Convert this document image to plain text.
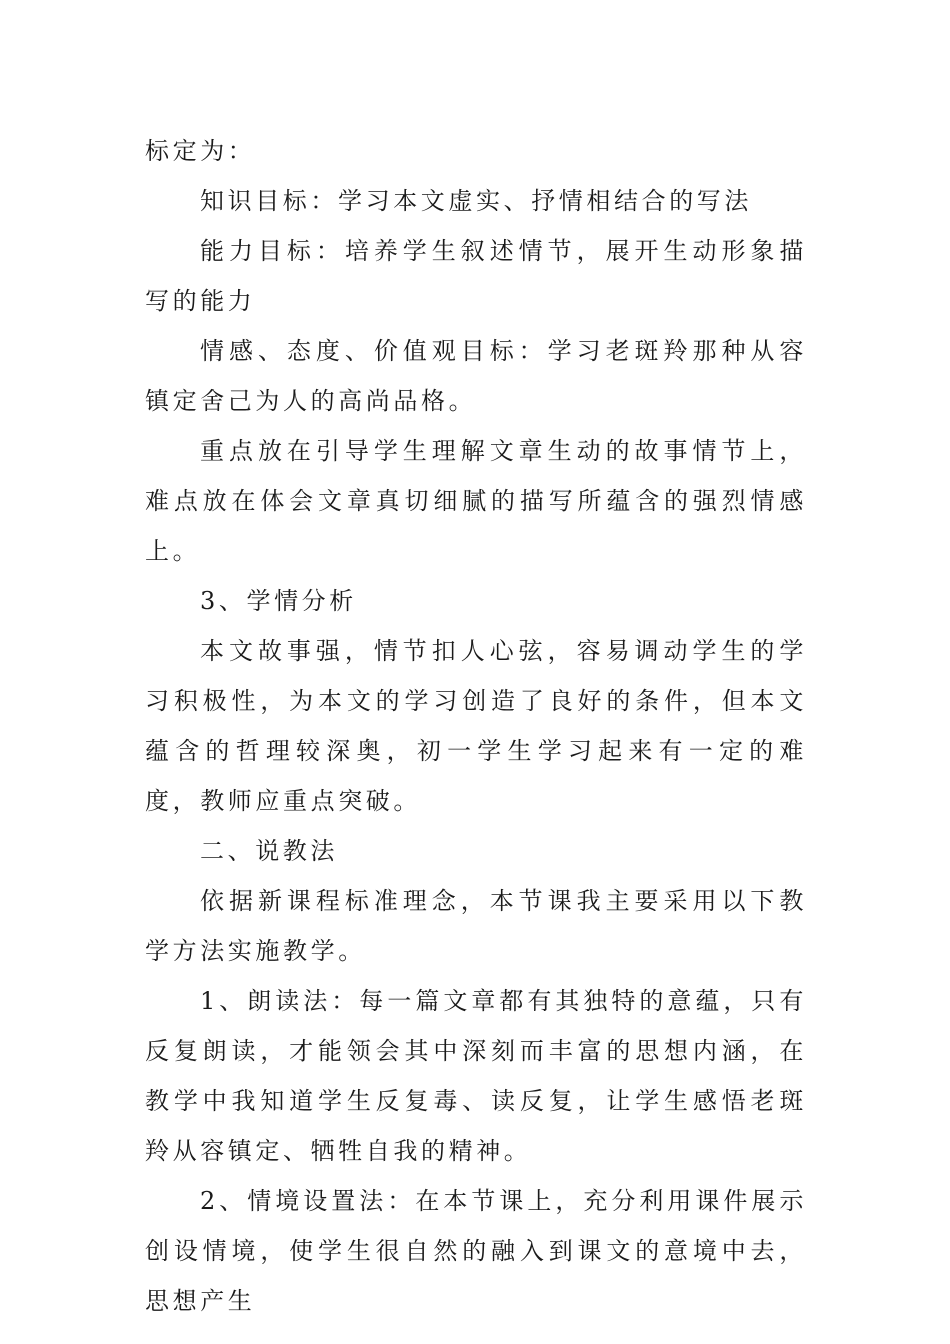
标定为：

知识目标：学习本文虚实、抒情相结合的写法

能力目标：培养学生叙述情节，展开生动形象描写的能力

情感、态度、价值观目标：学习老斑羚那种从容镇定舍己为人的高尚品格。

重点放在引导学生理解文章生动的故事情节上，难点放在体会文章真切细腻的描写所蕴含的强烈情感上。

3、学情分析

本文故事强，情节扣人心弦，容易调动学生的学习积极性，为本文的学习创造了良好的条件，但本文蕴含的哲理较深奥，初一学生学习起来有一定的难度，教师应重点突破。

二、说教法

依据新课程标准理念，本节课我主要采用以下教学方法实施教学。

1、朗读法：每一篇文章都有其独特的意蕴，只有反复朗读，才能领会其中深刻而丰富的思想内涵，在教学中我知道学生反复毒、读反复，让学生感悟老斑羚从容镇定、牺牲自我的精神。

2、情境设置法：在本节课上，充分利用课件展示创设情境，使学生很自然的融入到课文的意境中去，思想产生
